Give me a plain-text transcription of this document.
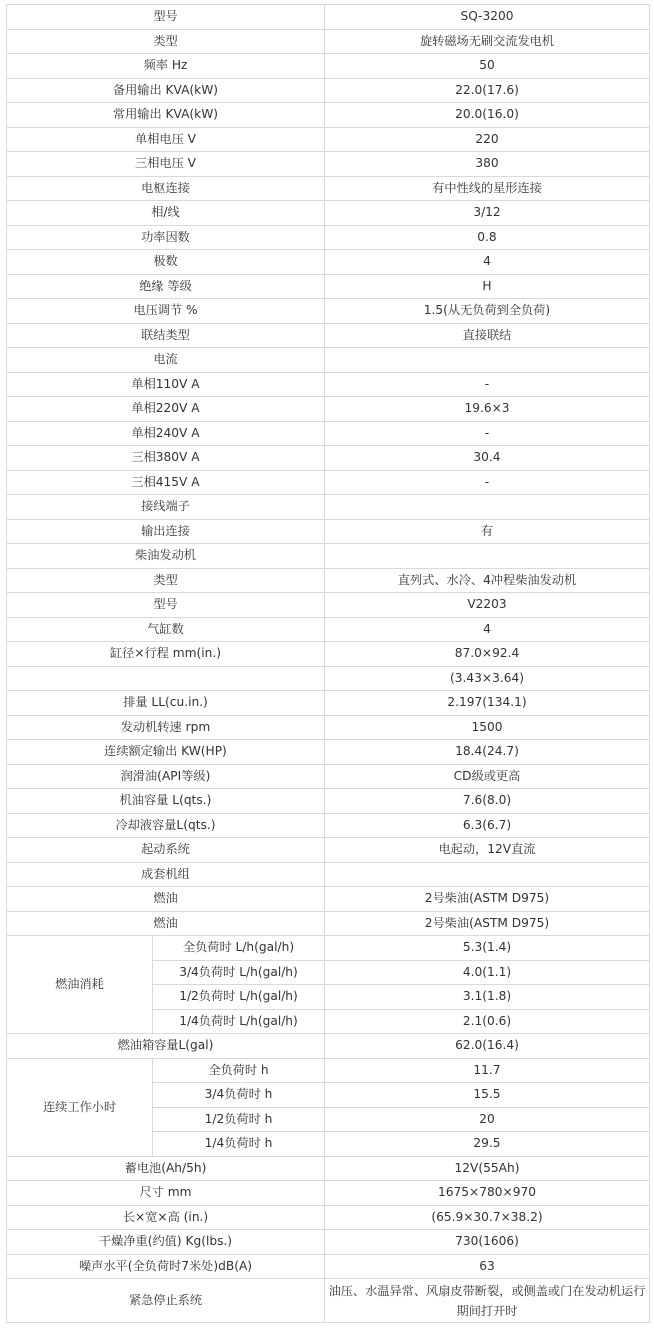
型号		SQ-3200
类型		旋转磁场无刷交流发电机
频率 Hz		50
备用输出 KVA(kW)		22.0(17.6)
常用输出 KVA(kW)		20.0(16.0)
单相电压 V		220
三相电压 V		380
电枢连接		有中性线的星形连接
相/线		3/12
功率因数		0.8
极数		4
绝缘 等级		H
电压调节 %		1.5(从无负荷到全负荷)
联结类型		直接联结
电流		
单相110V A		-
单相220V A		19.6×3
单相240V A		-
三相380V A		30.4
三相415V A		-
接线端子		
输出连接		有
柴油发动机		
类型		直列式、水冷、4冲程柴油发动机
型号		V2203
气缸数		4
缸径×行程 mm(in.)		87.0×92.4
		(3.43×3.64)
排量 LL(cu.in.)		2.197(134.1)
发动机转速 rpm		1500
连续额定输出 KW(HP)		18.4(24.7)
润滑油(API等级)		CD级或更高
机油容量 L(qts.)		7.6(8.0)
冷却液容量L(qts.)		6.3(6.7)
起动系统		电起动，12V直流
成套机组		
燃油		2号柴油(ASTM D975)
燃油		2号柴油(ASTM D975)
燃油消耗	全负荷时 L/h(gal/h)	5.3(1.4)
	3/4负荷时 L/h(gal/h)	4.0(1.1)
	1/2负荷时 L/h(gal/h)	3.1(1.8)
	1/4负荷时 L/h(gal/h)	2.1(0.6)
燃油箱容量L(gal)		62.0(16.4)
连续工作小时	全负荷时 h	11.7
	3/4负荷时 h	15.5
	1/2负荷时 h	20
	1/4负荷时 h	29.5
蓄电池(Ah/5h)		12V(55Ah)
尺寸 mm		1675×780×970
长×宽×高 (in.)		(65.9×30.7×38.2)
干燥净重(约值) Kg(lbs.)		730(1606)
噪声水平(全负荷时7米处)dB(A)		63
紧急停止系统		油压、水温异常、风扇皮带断裂，或侧盖或门在发动机运行期间打开时
